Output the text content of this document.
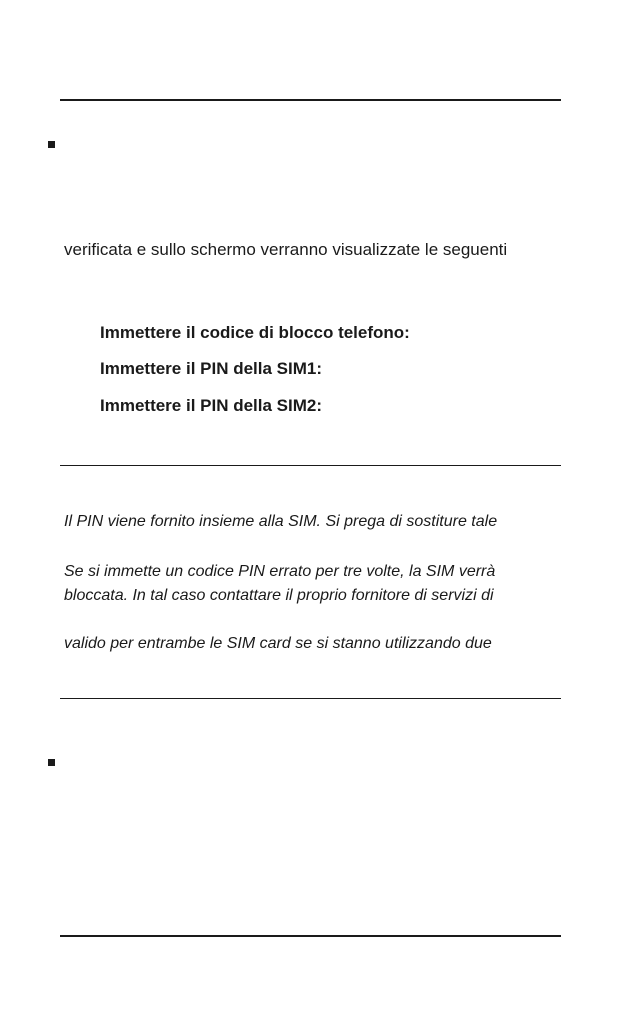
verificata e sullo schermo verranno visualizzate le seguenti
Immettere il codice di blocco telefono:
Immettere il PIN della SIM1:
Immettere il PIN della SIM2:
Il PIN viene fornito insieme alla SIM. Si prega di sostiture tale
Se si immette un codice PIN errato per tre volte, la SIM verrà
bloccata. In tal caso contattare il proprio fornitore di servizi di
valido per entrambe le SIM card se si stanno utilizzando due
